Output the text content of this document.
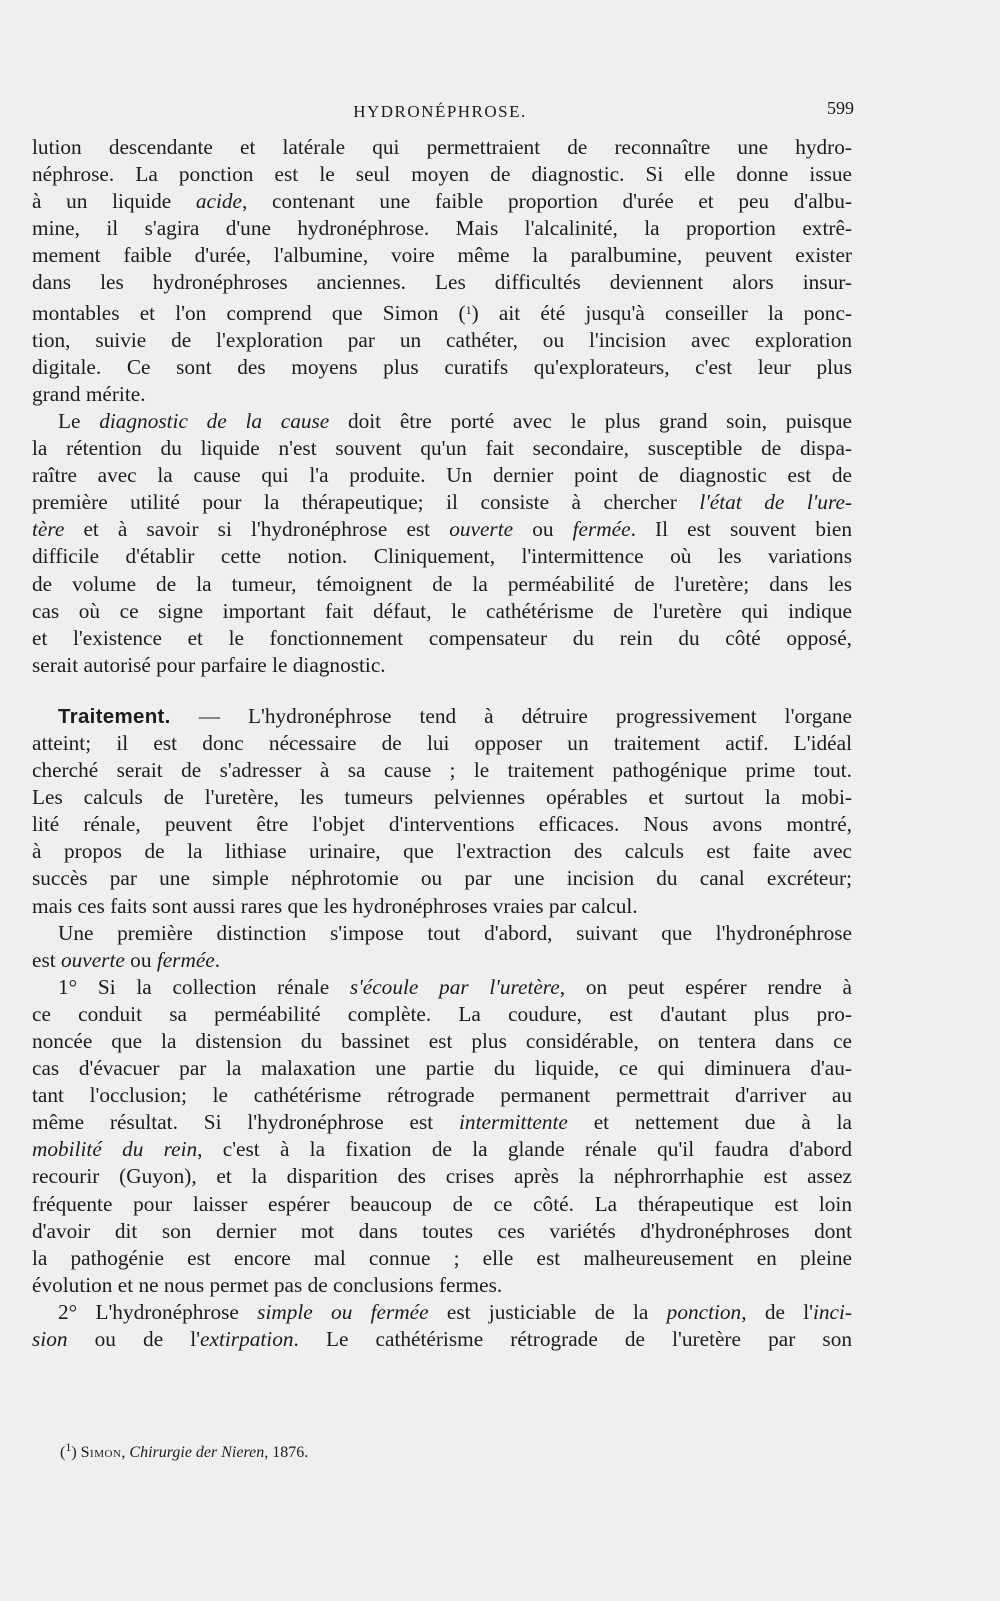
HYDRONÉPHROSE.	599

lution descendante et latérale qui permettraient de reconnaître une hydro-
néphrose. La ponction est le seul moyen de diagnostic. Si elle donne issue
à un liquide acide, contenant une faible proportion d'urée et peu d'albu-
mine, il s'agira d'une hydronéphrose. Mais l'alcalinité, la proportion extrê-
mement faible d'urée, l'albumine, voire même la paralbumine, peuvent exister
dans les hydronéphroses anciennes. Les difficultés deviennent alors insur-
montables et l'on comprend que Simon ($^1$) ait été jusqu'à conseiller la ponc-
tion, suivie de l'exploration par un cathéter, ou l'incision avec exploration
digitale. Ce sont des moyens plus curatifs qu'explorateurs, c'est leur plus
grand mérite.

Le diagnostic de la cause doit être porté avec le plus grand soin, puisque
la rétention du liquide n'est souvent qu'un fait secondaire, susceptible de dispa-
raître avec la cause qui l'a produite. Un dernier point de diagnostic est de
première utilité pour la thérapeutique; il consiste à chercher l'état de l'ure-
tère et à savoir si l'hydronéphrose est ouverte ou fermée. Il est souvent bien
difficile d'établir cette notion. Cliniquement, l'intermittence où les variations
de volume de la tumeur, témoignent de la perméabilité de l'uretère; dans les
cas où ce signe important fait défaut, le cathétérisme de l'uretère qui indique
et l'existence et le fonctionnement compensateur du rein du côté opposé,
serait autorisé pour parfaire le diagnostic.

Traitement. — L'hydronéphrose tend à détruire progressivement l'organe
atteint; il est donc nécessaire de lui opposer un traitement actif. L'idéal
cherché serait de s'adresser à sa cause ; le traitement pathogénique prime tout.
Les calculs de l'uretère, les tumeurs pelviennes opérables et surtout la mobi-
lité rénale, peuvent être l'objet d'interventions efficaces. Nous avons montré,
à propos de la lithiase urinaire, que l'extraction des calculs est faite avec
succès par une simple néphrotomie ou par une incision du canal excréteur;
mais ces faits sont aussi rares que les hydronéphroses vraies par calcul.

Une première distinction s'impose tout d'abord, suivant que l'hydronéphrose
est ouverte ou fermée.

1° Si la collection rénale s'écoule par l'uretère, on peut espérer rendre à
ce conduit sa perméabilité complète. La coudure, est d'autant plus pro-
noncée que la distension du bassinet est plus considérable, on tentera dans ce
cas d'évacuer par la malaxation une partie du liquide, ce qui diminuera d'au-
tant l'occlusion; le cathétérisme rétrograde permanent permettrait d'arriver au
même résultat. Si l'hydronéphrose est intermittente et nettement due à la
mobilité du rein, c'est à la fixation de la glande rénale qu'il faudra d'abord
recourir (Guyon), et la disparition des crises après la néphrorrhaphie est assez
fréquente pour laisser espérer beaucoup de ce côté. La thérapeutique est loin
d'avoir dit son dernier mot dans toutes ces variétés d'hydronéphroses dont
la pathogénie est encore mal connue ; elle est malheureusement en pleine
évolution et ne nous permet pas de conclusions fermes.

2° L'hydronéphrose simple ou fermée est justiciable de la ponction, de l'inci-
sion ou de l'extirpation. Le cathétérisme rétrograde de l'uretère par son

($^1$) Simon, Chirurgie der Nieren, 1876.
